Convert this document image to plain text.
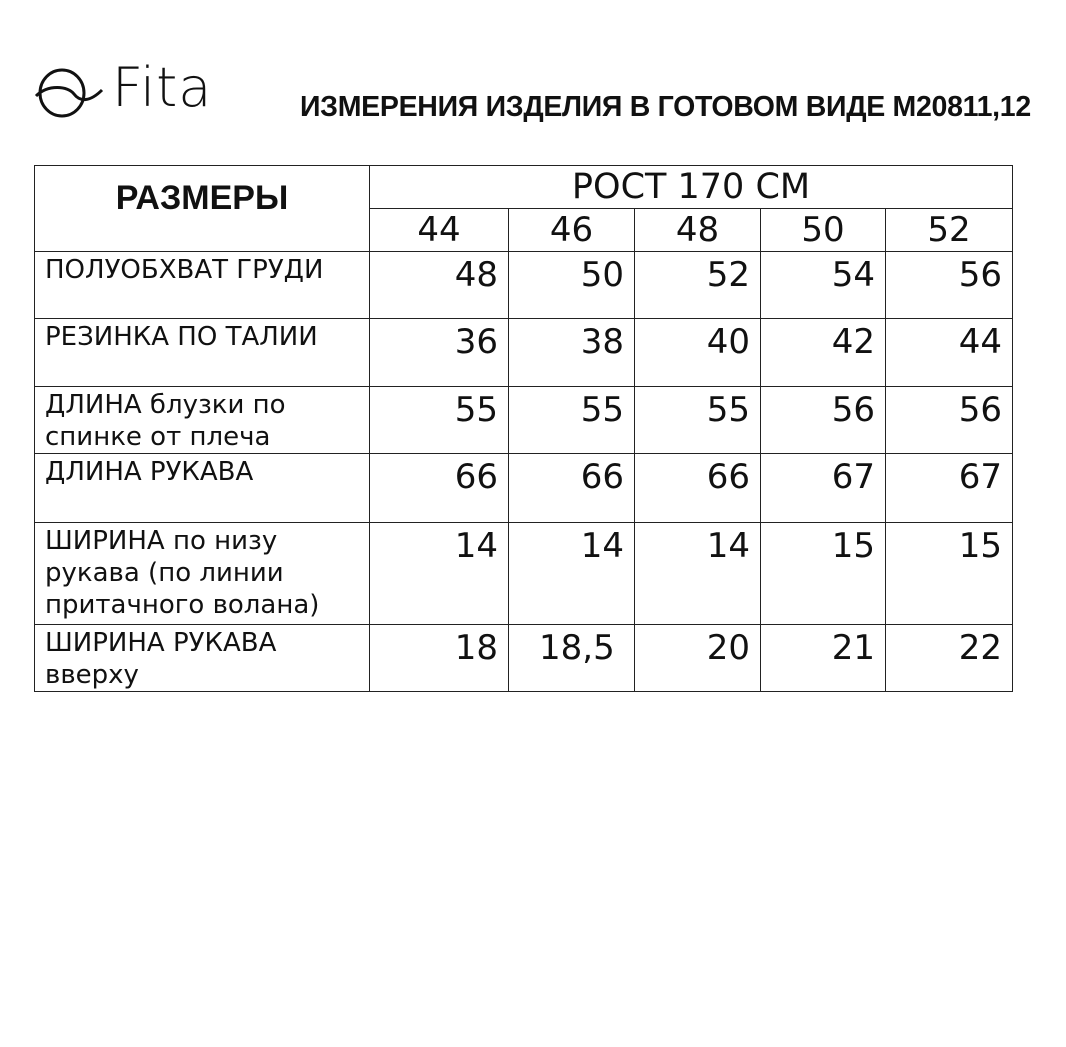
Fita	ИЗМЕРЕНИЯ ИЗДЕЛИЯ В ГОТОВОМ ВИДЕ М20811,12
РАЗМЕРЫ	РОСТ 170 СМ				
	44	46	48	50	52

ПОЛУОБХВАТ ГРУДИ	48	50	52	54	56

РЕЗИНКА ПО ТАЛИИ	36	38	40	42	44

ДЛИНА блузки по
спинке от плеча	55	55	55	56	56

ДЛИНА РУКАВА	66	66	66	67	67

ШИРИНА по низу
рукава (по линии
притачного волана)	14	14	14	15	15

ШИРИНА РУКАВА
вверху	18	18,5	20	21	22
